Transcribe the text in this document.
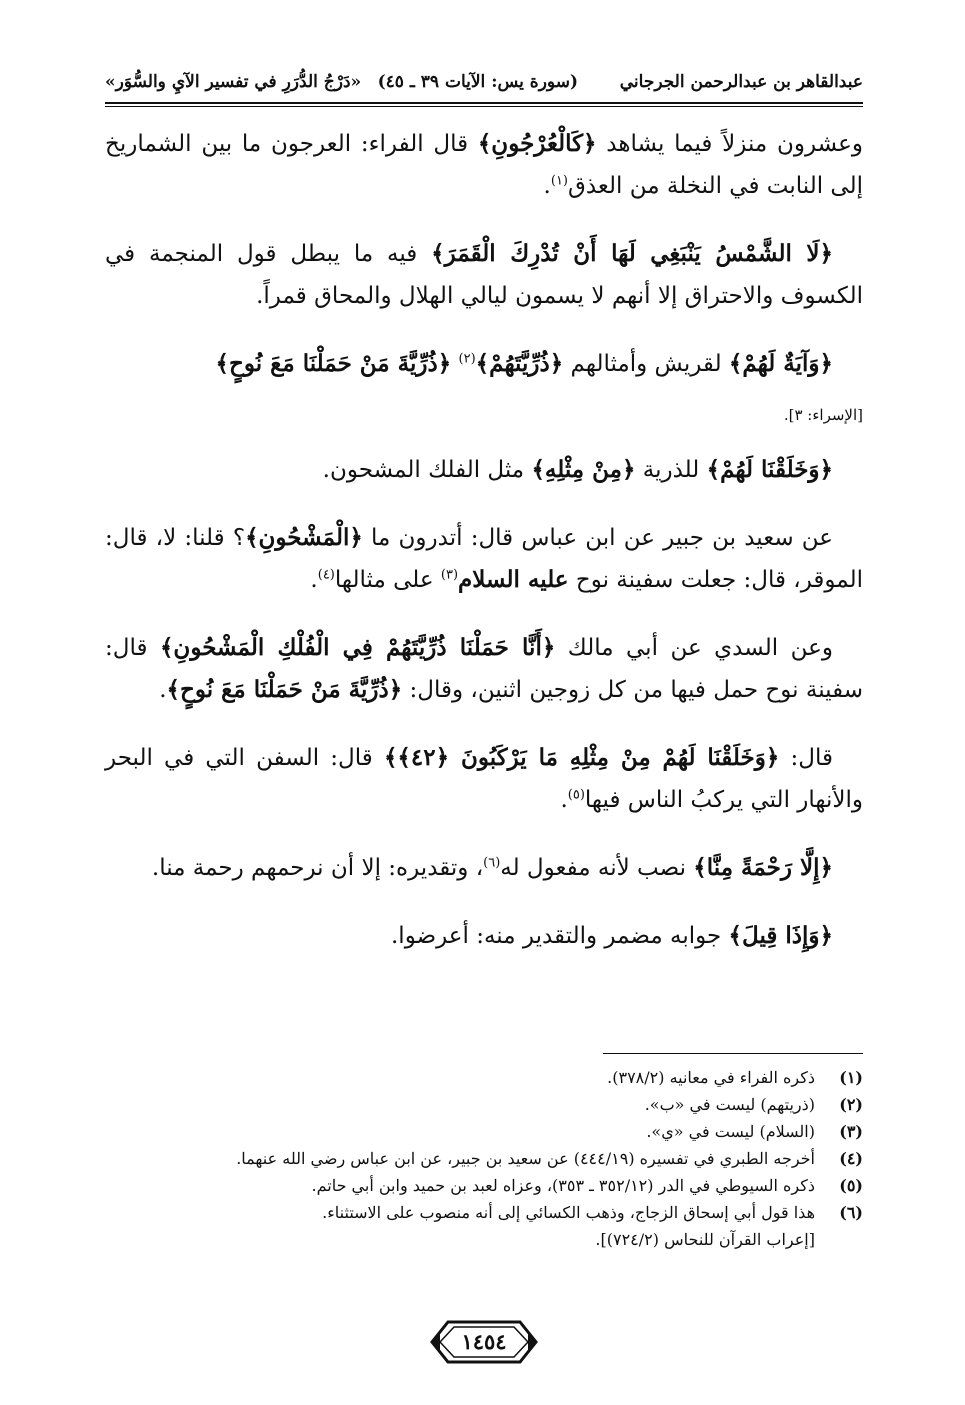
عبدالقاهر بن عبدالرحمن الجرجاني
(سورة يس: الآيات ٣٩ ـ ٤٥)
«دَرْجُ الدُّرَرِ في تفسير الآيِ والسُّوَر»

وعشرون منزلاً فيما يشاهد ﴿كَالْعُرْجُونِ﴾ قال الفراء: العرجون ما بين الشماريخ إلى النابت في النخلة من العذق$^{(١)}$.

﴿لَا الشَّمْسُ يَنْبَغِي لَهَا أَنْ تُدْرِكَ الْقَمَرَ﴾ فيه ما يبطل قول المنجمة في الكسوف والاحتراق إلا أنهم لا يسمون ليالي الهلال والمحاق قمراً.

﴿وَآيَةٌ لَهُمْ﴾ لقريش وأمثالهم ﴿ذُرِّيَّتَهُمْ﴾$^{(٢)}$ ﴿ذُرِّيَّةَ مَنْ حَمَلْنَا مَعَ نُوحٍ﴾

[الإسراء: ٣].

﴿وَخَلَقْنَا لَهُمْ﴾ للذرية ﴿مِنْ مِثْلِهِ﴾ مثل الفلك المشحون.

عن سعيد بن جبير عن ابن عباس قال: أتدرون ما ﴿الْمَشْحُونِ﴾؟ قلنا: لا، قال: الموقر، قال: جعلت سفينة نوح عليه السلام$^{(٣)}$ على مثالها$^{(٤)}$.

وعن السدي عن أبي مالك ﴿أَنَّا حَمَلْنَا ذُرِّيَّتَهُمْ فِي الْفُلْكِ الْمَشْحُونِ﴾ قال: سفينة نوح حمل فيها من كل زوجين اثنين، وقال: ﴿ذُرِّيَّةَ مَنْ حَمَلْنَا مَعَ نُوحٍ﴾.

قال: ﴿وَخَلَقْنَا لَهُمْ مِنْ مِثْلِهِ مَا يَرْكَبُونَ ﴿٤٢﴾﴾ قال: السفن التي في البحر والأنهار التي يركبُ الناس فيها$^{(٥)}$.

﴿إِلَّا رَحْمَةً مِنَّا﴾ نصب لأنه مفعول له$^{(٦)}$، وتقديره: إلا أن نرحمهم رحمة منا.

﴿وَإِذَا قِيلَ﴾ جوابه مضمر والتقدير منه: أعرضوا.

(١)
ذكره الفراء في معانيه (٣٧٨/٢).
(٢)
(ذريتهم) ليست في «ب».
(٣)
(السلام) ليست في «ي».
(٤)
أخرجه الطبري في تفسيره (٤٤٤/١٩) عن سعيد بن جبير، عن ابن عباس رضي الله عنهما.
(٥)
ذكره السيوطي في الدر (٣٥٢/١٢ ـ ٣٥٣)، وعزاه لعبد بن حميد وابن أبي حاتم.
(٦)
هذا قول أبي إسحاق الزجاج، وذهب الكسائي إلى أنه منصوب على الاستثناء.
[إعراب القرآن للنحاس (٧٢٤/٢)].
١٤٥٤
